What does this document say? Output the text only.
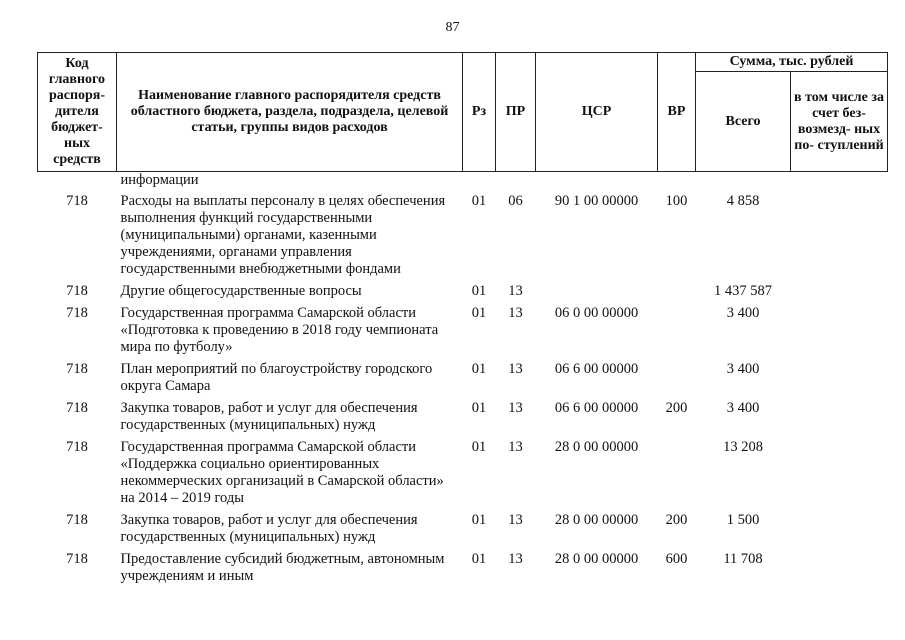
87
Код главного распоря- дителя бюджет- ных средств	Наименование главного распорядителя средств областного бюджета, раздела, подраздела, целевой статьи, группы видов расходов	Рз	ПР	ЦСР	ВР	Сумма, тыс. рублей	
						Всего	в том числе за счет без- возмезд- ных по- ступлений
	информации						
718	Расходы на выплаты персоналу в целях обеспечения выполнения функций государственными (муниципальными) органами, казенными учреждениями, органами управления государственными внебюджетными фондами	01	06	90 1 00 00000	100	4 858	
718	Другие общегосударственные вопросы	01	13			1 437 587	
718	Государственная программа Самарской области «Подготовка к проведению в 2018 году чемпионата мира по футболу»	01	13	06 0 00 00000		3 400	
718	План мероприятий по благоустройству городского округа Самара	01	13	06 6 00 00000		3 400	
718	Закупка товаров, работ и услуг для обеспечения государственных (муниципальных) нужд	01	13	06 6 00 00000	200	3 400	
718	Государственная программа Самарской области «Поддержка социально ориентированных некоммерческих организаций в Самарской области» на 2014 – 2019 годы	01	13	28 0 00 00000		13 208	
718	Закупка товаров, работ и услуг для обеспечения государственных (муниципальных) нужд	01	13	28 0 00 00000	200	1 500	
718	Предоставление субсидий бюджетным, автономным учреждениям и иным	01	13	28 0 00 00000	600	11 708	
